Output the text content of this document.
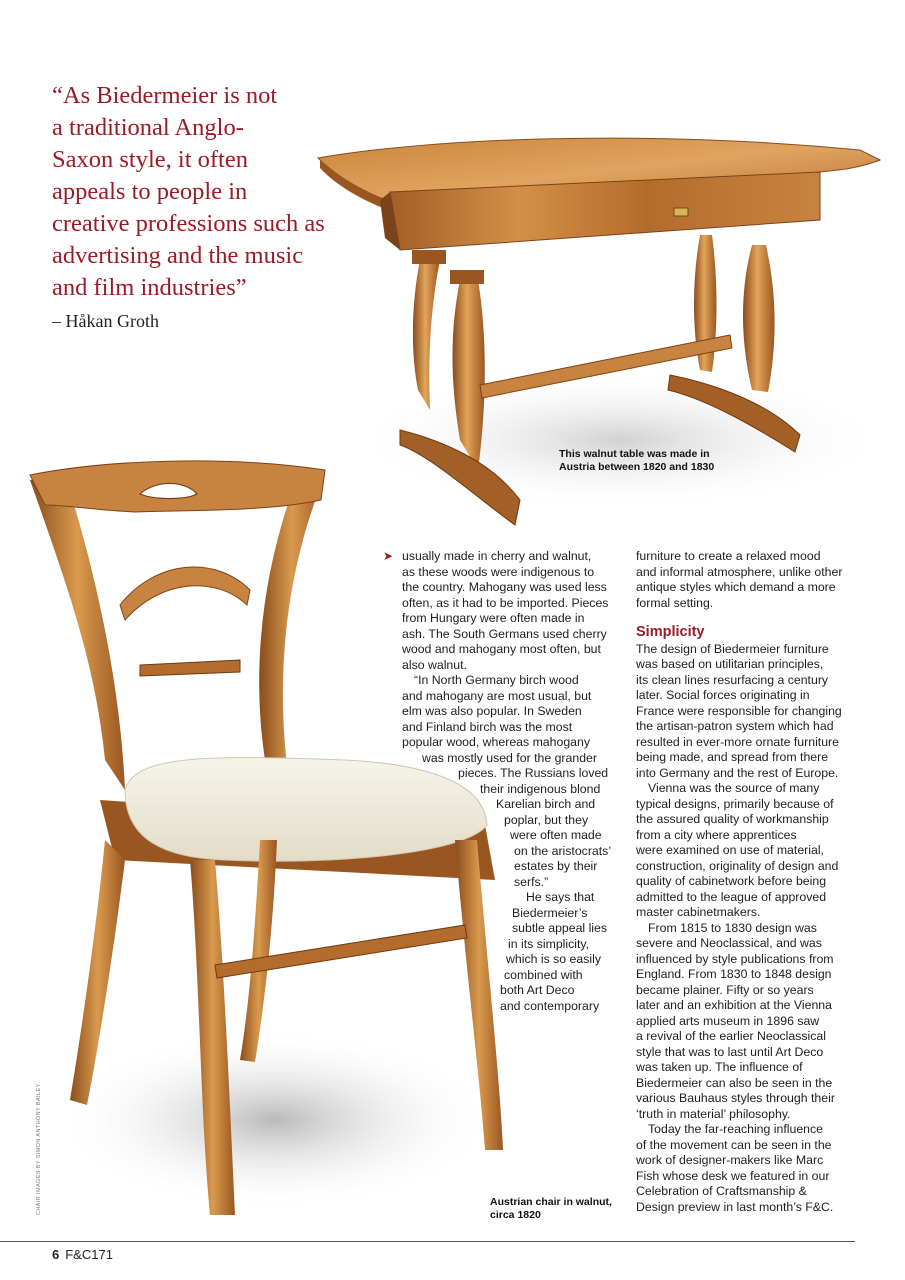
“As Biedermeier is not

a traditional Anglo-

Saxon style, it often

appeals to people in

creative professions such as

advertising and the music

and film industries”

– Håkan Groth
This walnut table was made in
Austria between 1820 and 1830
Austrian chair in walnut,
circa 1820
CHAIR IMAGES BY SIMON ANTHONY BAILEY
➤ usually made in cherry and walnut,

as these woods were indigenous to

the country. Mahogany was used less

often, as it had to be imported. Pieces

from Hungary were often made in

ash. The South Germans used cherry

wood and mahogany most often, but

also walnut.

“In North Germany birch wood

and mahogany are most usual, but

elm was also popular. In Sweden

and Finland birch was the most

popular wood, whereas mahogany

was mostly used for the grander

pieces. The Russians loved

their indigenous blond

Karelian birch and

poplar, but they

were often made

on the aristocrats’

estates by their

serfs.”

He says that

Biedermeier’s

subtle appeal lies

in its simplicity,

which is so easily

combined with

both Art Deco

and contemporary

furniture to create a relaxed mood

and informal atmosphere, unlike other

antique styles which demand a more

formal setting.

Simplicity

The design of Biedermeier furniture

was based on utilitarian principles,

its clean lines resurfacing a century

later. Social forces originating in

France were responsible for changing

the artisan-patron system which had

resulted in ever-more ornate furniture

being made, and spread from there

into Germany and the rest of Europe.

Vienna was the source of many

typical designs, primarily because of

the assured quality of workmanship

from a city where apprentices

were examined on use of material,

construction, originality of design and

quality of cabinetwork before being

admitted to the league of approved

master cabinetmakers.

From 1815 to 1830 design was

severe and Neoclassical, and was

influenced by style publications from

England. From 1830 to 1848 design

became plainer. Fifty or so years

later and an exhibition at the Vienna

applied arts museum in 1896 saw

a revival of the earlier Neoclassical

style that was to last until Art Deco

was taken up. The influence of

Biedermeier can also be seen in the

various Bauhaus styles through their

‘truth in material’ philosophy.

Today the far-reaching influence

of the movement can be seen in the

work of designer-makers like Marc

Fish whose desk we featured in our

Celebration of Craftsmanship &

Design preview in last month’s F&C.

6 F&C171
